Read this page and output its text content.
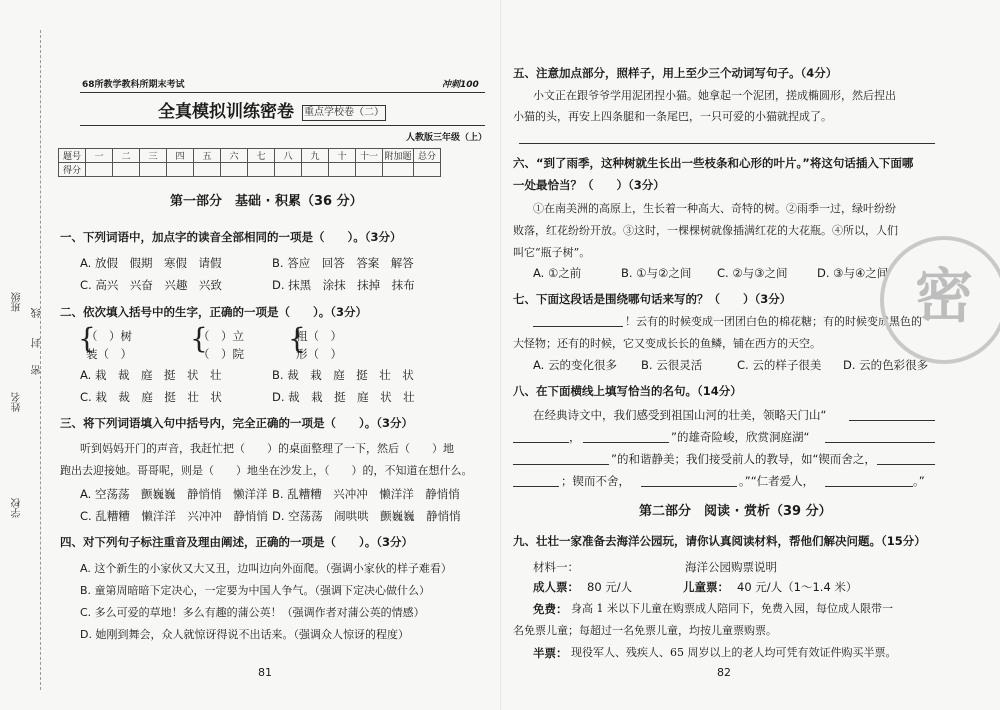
班级
姓名
密
封
线
学校
68所教学教科所期末考试	冲刺100
全真模拟训练密卷 重点学校卷（二）
人教版三年级（上）
题号	一	二	三	四	五	六	七	八	九	十	十一	附加题	总分
得分													
第一部分　基础 · 积累（36 分）
一、下列词语中，加点字的读音全部相同的一项是（　　）。（3分）
A. 放假　假期　寒假　请假	B. 答应　回答　答案　解答
C. 高兴　兴奋　兴趣　兴致	D. 抹黑　涂抹　抹掉　抹布
二、依次填入括号中的生字，正确的一项是（　　）。（3分）
{
（　）树
装（　） {
（　）立
（　）院 {
粗（　）
形（　）
A. 栽　裁　庭　挺　状　壮	B. 裁　栽　庭　挺　壮　状
C. 栽　裁　庭　挺　壮　状	D. 裁　栽　挺　庭　状　壮
三、将下列词语填入句中括号内，完全正确的一项是（　　）。（3分）
听到妈妈开门的声音，我赶忙把（　　）的桌面整理了一下，然后（　　）地
跑出去迎接她。哥哥呢，则是（　　）地坐在沙发上，（　　）的，不知道在想什么。
A. 空荡荡　颤巍巍　静悄悄　懒洋洋 B. 乱糟糟　兴冲冲　懒洋洋　静悄悄
C. 乱糟糟　懒洋洋　兴冲冲　静悄悄 D. 空荡荡　闹哄哄　颤巍巍　静悄悄
四、对下列句子标注重音及理由阐述，正确的一项是（　　）。（3分）
A. 这个新生的小家伙又大又丑，边叫边向外面爬。（强调小家伙的样子难看）
B. 童第周暗暗下定决心，一定要为中国人争气。（强调下定决心做什么）
C. 多么可爱的草地！多么有趣的蒲公英！（强调作者对蒲公英的情感）
D. 她刚到舞会，众人就惊讶得说不出话来。（强调众人惊讶的程度）
81
五、注意加点部分，照样子，用上至少三个动词写句子。（4分）
小文正在跟爷爷学用泥团捏小猫。她拿起一个泥团，搓成椭圆形，然后捏出
小猫的头，再安上四条腿和一条尾巴，一只可爱的小猫就捏成了。
六、“到了雨季，这种树就生长出一些枝条和心形的叶片。”将这句话插入下面哪
一处最恰当？（　　）（3分）
①在南美洲的高原上，生长着一种高大、奇特的树。②雨季一过，绿叶纷纷
败落，红花纷纷开放。③这时，一棵棵树就像插满红花的大花瓶。④所以，人们
叫它“瓶子树”。
A. ①之前	B. ①与②之间 C. ②与③之间	D. ③与④之间
七、下面这段话是围绕哪句话来写的？（　　）（3分）
！云有的时候变成一团团白色的棉花糖；有的时候变成黑色的
大怪物；还有的时候，它又变成长长的鱼鳞，铺在西方的天空。
A. 云的变化很多 B. 云很灵活	C. 云的样子很美 D. 云的色彩很多
八、在下面横线上填写恰当的名句。（14分）
在经典诗文中，我们感受到祖国山河的壮美，领略天门山“
，	”的雄奇险峻，欣赏洞庭湖“
”的和谐静美；我们接受前人的教导，如“锲而舍之，
；锲而不舍，	。”“仁者爱人，	。”
第二部分　阅读 · 赏析（39 分）
九、壮壮一家准备去海洋公园玩，请你认真阅读材料，帮他们解决问题。（15分）
材料一：	海洋公园购票说明
成人票： 80 元/人	儿童票： 40 元/人（1～1.4 米）
免费： 身高 1 米以下儿童在购票成人陪同下，免费入园，每位成人限带一
名免票儿童；每超过一名免票儿童，均按儿童票购票。
半票： 现役军人、残疾人、65 周岁以上的老人均可凭有效证件购买半票。
82
密
